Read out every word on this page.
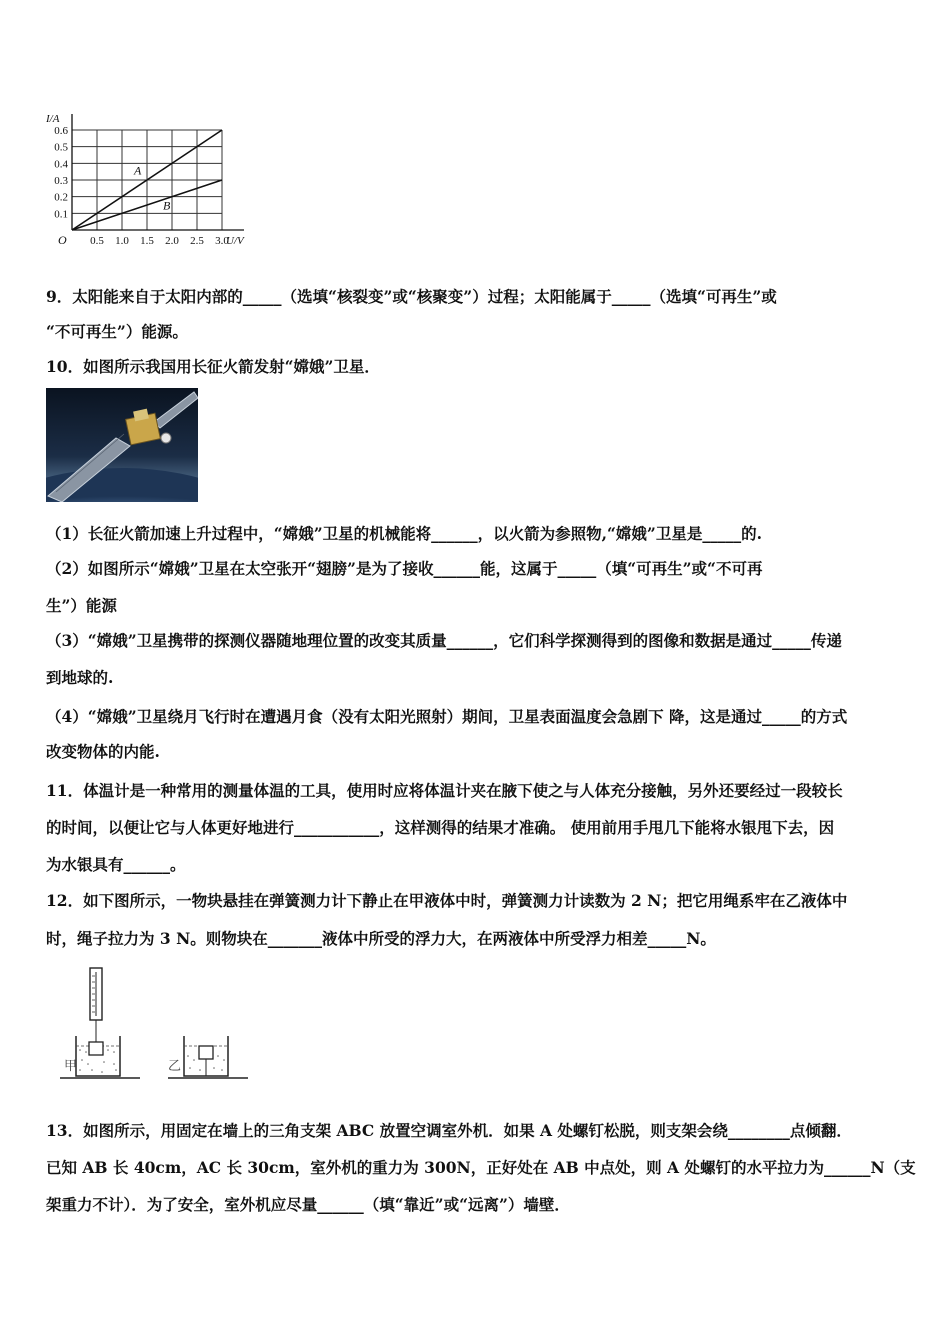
0.5 1.0 1.5 2.0 2.5 3.0
0.1
0.2
0.3
0.4
0.5
0.6
O
I/A
U/V
A
B
9．太阳能来自于太阳内部的_____（选填“核裂变”或“核聚变”）过程；太阳能属于_____（选填“可再生”或
“不可再生”）能源。
10．如图所示我国用长征火箭发射“嫦娥”卫星．
（1）长征火箭加速上升过程中，“嫦娥”卫星的机械能将______，以火箭为参照物,“嫦娥”卫星是_____的.
（2）如图所示“嫦娥”卫星在太空张开“翅膀”是为了接收______能，这属于_____（填“可再生”或“不可再
生”）能源
（3）“嫦娥”卫星携带的探测仪器随地理位置的改变其质量______，它们科学探测得到的图像和数据是通过_____传递
到地球的.
（4）“嫦娥”卫星绕月飞行时在遭遇月食（没有太阳光照射）期间，卫星表面温度会急剧下 降，这是通过_____的方式
改变物体的内能.
11．体温计是一种常用的测量体温的工具，使用时应将体温计夹在腋下使之与人体充分接触，另外还要经过一段较长
的时间，以便让它与人体更好地进行___________，这样测得的结果才准确。 使用前用手甩几下能将水银甩下去，因
为水银具有______。
12．如下图所示，一物块悬挂在弹簧测力计下静止在甲液体中时，弹簧测力计读数为 2 N；把它用绳系牢在乙液体中
时，绳子拉力为 3 N。则物块在_______液体中所受的浮力大，在两液体中所受浮力相差_____N。
甲	乙
13．如图所示，用固定在墙上的三角支架 ABC 放置空调室外机．如果 A 处螺钉松脱，则支架会绕________点倾翻．
已知 AB 长 40cm，AC 长 30cm，室外机的重力为 300N，正好处在 AB 中点处，则 A 处螺钉的水平拉力为______N（支
架重力不计）．为了安全，室外机应尽量______（填“靠近”或“远离”）墙壁．
